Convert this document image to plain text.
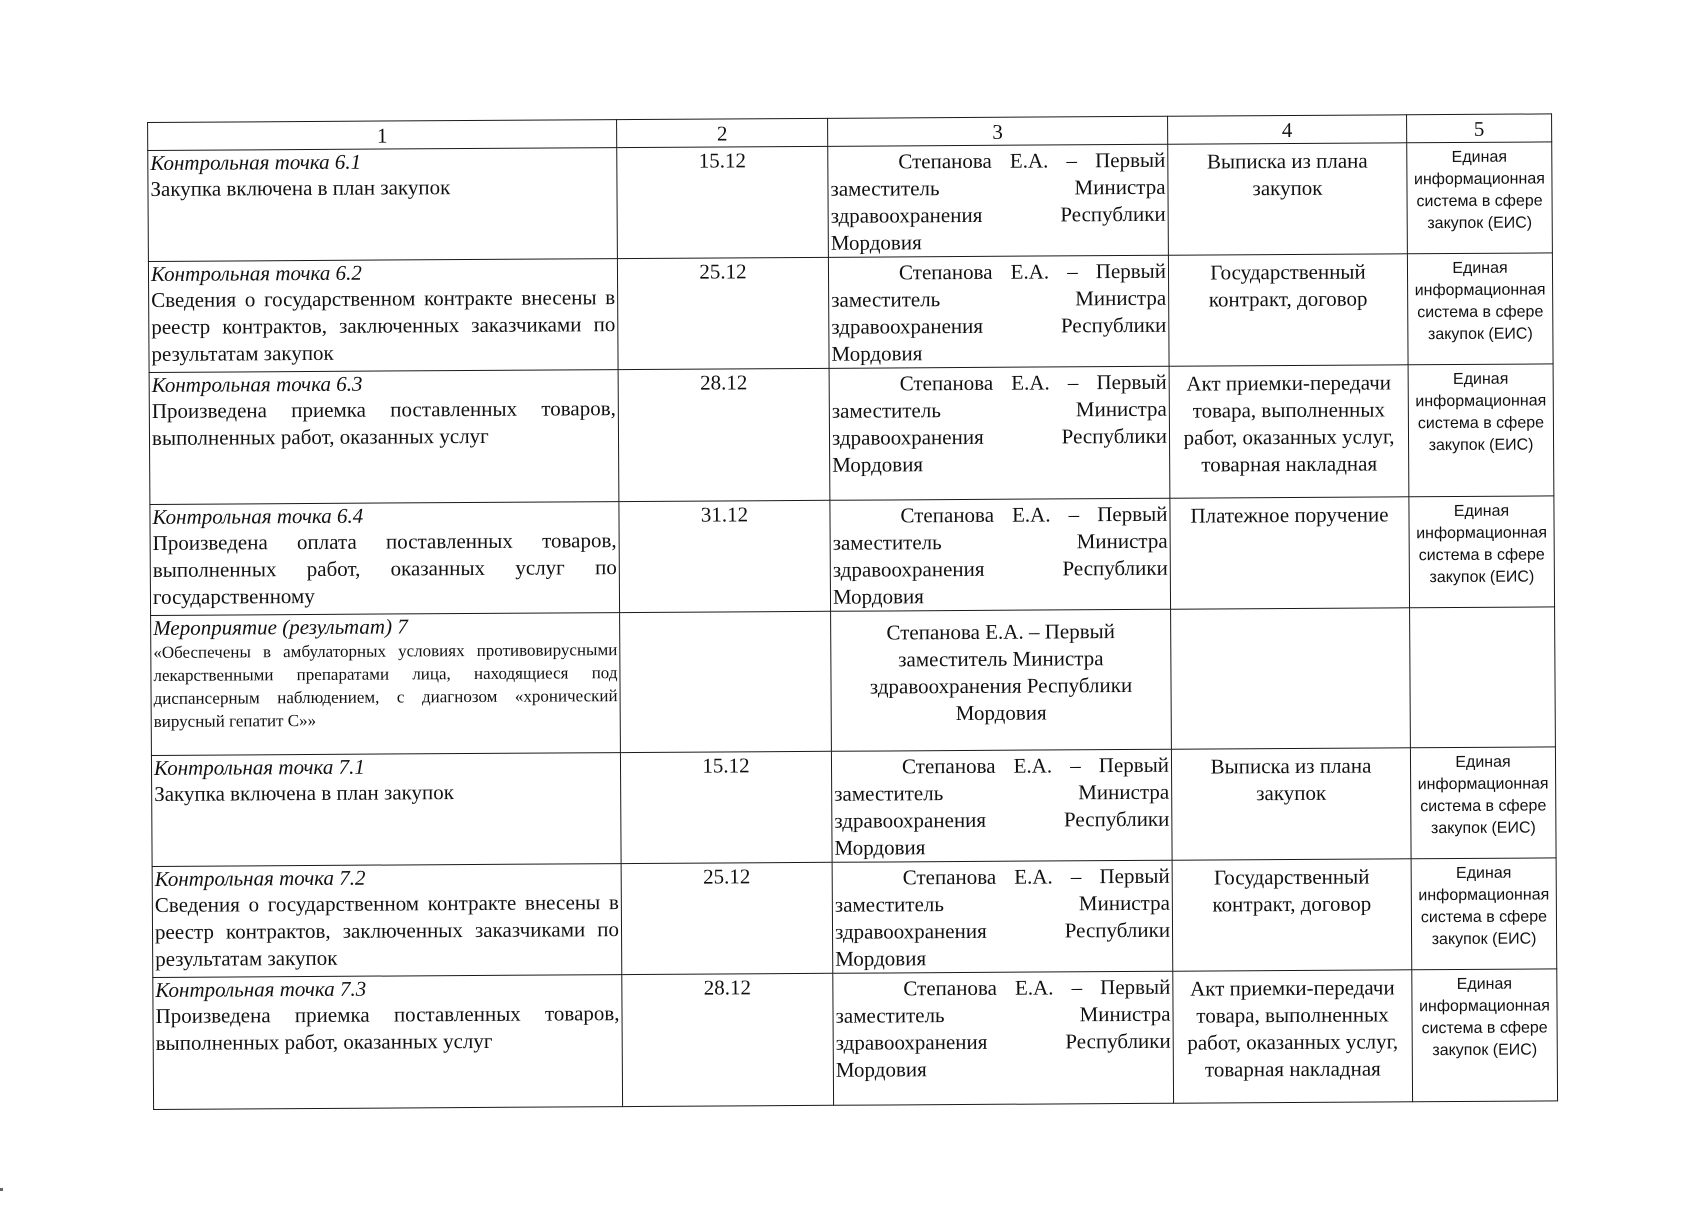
1	2	3	4	5

Контрольная точка 6.1
Закупка включена в план закупок	15.12	Степанова Е.А. – Первый заместитель Министра здравоохранения Республики Мордовия	Выписка из плана закупок	Единая информационная система в сфере закупок (ЕИС)

Контрольная точка 6.2
Сведения о государственном контракте внесены в реестр контрактов, заключенных заказчиками по результатам закупок	25.12	Степанова Е.А. – Первый заместитель Министра здравоохранения Республики Мордовия	Государственный контракт, договор	Единая информационная система в сфере закупок (ЕИС)

Контрольная точка 6.3
Произведена приемка поставленных товаров, выполненных работ, оказанных услуг	28.12	Степанова Е.А. – Первый заместитель Министра здравоохранения Республики Мордовия	Акт приемки-передачи товара, выполненных работ, оказанных услуг, товарная накладная	Единая информационная система в сфере закупок (ЕИС)

Контрольная точка 6.4
Произведена оплата поставленных товаров, выполненных работ, оказанных услуг по государственному	31.12	Степанова Е.А. – Первый заместитель Министра здравоохранения Республики Мордовия	Платежное поручение	Единая информационная система в сфере закупок (ЕИС)

Мероприятие (результат) 7
«Обеспечены в амбулаторных условиях противовирусными лекарственными препаратами лица, находящиеся под диспансерным наблюдением, с диагнозом «хронический вирусный гепатит С»»		Степанова Е.А. – Первый заместитель Министра здравоохранения Республики Мордовия		

Контрольная точка 7.1
Закупка включена в план закупок	15.12	Степанова Е.А. – Первый заместитель Министра здравоохранения Республики Мордовия	Выписка из плана закупок	Единая информационная система в сфере закупок (ЕИС)

Контрольная точка 7.2
Сведения о государственном контракте внесены в реестр контрактов, заключенных заказчиками по результатам закупок	25.12	Степанова Е.А. – Первый заместитель Министра здравоохранения Республики Мордовия	Государственный контракт, договор	Единая информационная система в сфере закупок (ЕИС)

Контрольная точка 7.3
Произведена приемка поставленных товаров, выполненных работ, оказанных услуг	28.12	Степанова Е.А. – Первый заместитель Министра здравоохранения Республики Мордовия	Акт приемки-передачи товара, выполненных работ, оказанных услуг, товарная накладная	Единая информационная система в сфере закупок (ЕИС)
